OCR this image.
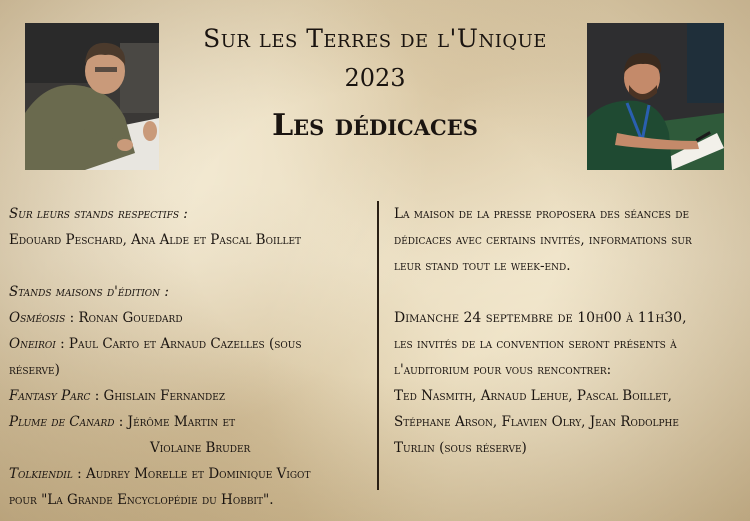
Sur les Terres de l'Unique
2023
Les dédicaces
Sur leurs stands respectifs :
Edouard Peschard, Ana Alde et Pascal Boillet
Stands maisons d'édition :
Osméosis : Ronan Gouedard
Oneiroi : Paul Carto et Arnaud Cazelles (sous
réserve)
Fantasy Parc : Ghislain Fernandez
Plume de Canard : Jérôme Martin et
Violaine Bruder
Tolkiendil : Audrey Morelle et Dominique Vigot
pour "La Grande Encyclopédie du Hobbit".
La maison de la presse proposera des séances de
dédicaces avec certains invités, informations sur
leur stand tout le week-end.
Dimanche 24 septembre de 10h00 à 11h30,
les invités de la convention seront présents à
l'auditorium pour vous rencontrer:
Ted Nasmith, Arnaud Lehue, Pascal Boillet,
Stéphane Arson, Flavien Olry, Jean Rodolphe
Turlin (sous réserve)
